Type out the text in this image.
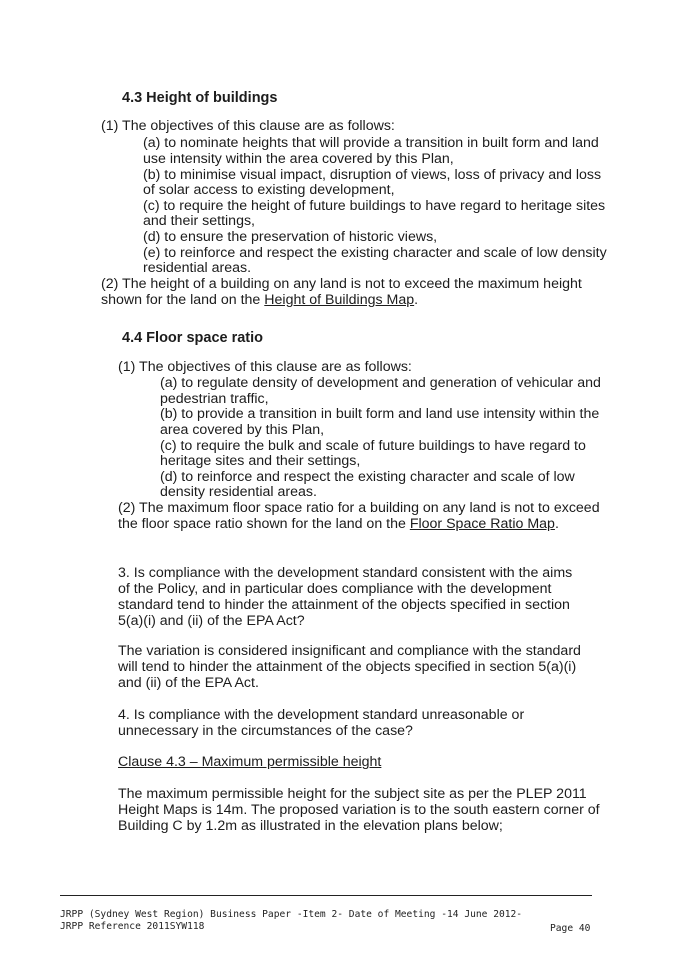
4.3 Height of buildings
(1) The objectives of this clause are as follows:
(a) to nominate heights that will provide a transition in built form and land
use intensity within the area covered by this Plan,
(b) to minimise visual impact, disruption of views, loss of privacy and loss
of solar access to existing development,
(c) to require the height of future buildings to have regard to heritage sites
and their settings,
(d) to ensure the preservation of historic views,
(e) to reinforce and respect the existing character and scale of low density
residential areas.
(2) The height of a building on any land is not to exceed the maximum height
shown for the land on the Height of Buildings Map.
4.4 Floor space ratio
(1) The objectives of this clause are as follows:
(a) to regulate density of development and generation of vehicular and
pedestrian traffic,
(b) to provide a transition in built form and land use intensity within the
area covered by this Plan,
(c) to require the bulk and scale of future buildings to have regard to
heritage sites and their settings,
(d) to reinforce and respect the existing character and scale of low
density residential areas.
(2) The maximum floor space ratio for a building on any land is not to exceed
the floor space ratio shown for the land on the Floor Space Ratio Map.
3. Is compliance with the development standard consistent with the aims
of the Policy, and in particular does compliance with the development
standard tend to hinder the attainment of the objects specified in section
5(a)(i) and (ii) of the EPA Act?
The variation is considered insignificant and compliance with the standard
will tend to hinder the attainment of the objects specified in section 5(a)(i)
and (ii) of the EPA Act.
4. Is compliance with the development standard unreasonable or
unnecessary in the circumstances of the case?
Clause 4.3 – Maximum permissible height
The maximum permissible height for the subject site as per the PLEP 2011
Height Maps is 14m. The proposed variation is to the south eastern corner of
Building C by 1.2m as illustrated in the elevation plans below;
JRPP (Sydney West Region) Business Paper -Item 2- Date of Meeting -14 June 2012-
JRPP Reference 2011SYW118	Page 40
